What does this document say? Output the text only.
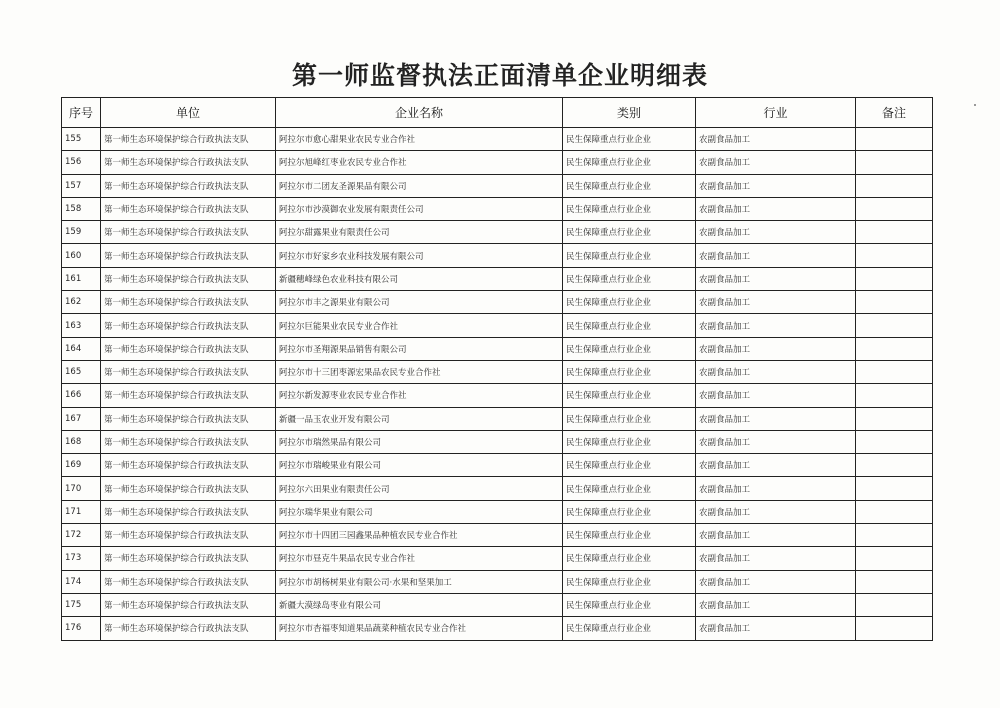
第一师监督执法正面清单企业明细表
序号	单位	企业名称	类别	行业	备注
155	第一师生态环境保护综合行政执法支队	阿拉尔市愈心甜果业农民专业合作社	民生保障重点行业企业	农副食品加工	
156	第一师生态环境保护综合行政执法支队	阿拉尔旭峰红枣业农民专业合作社	民生保障重点行业企业	农副食品加工	
157	第一师生态环境保护综合行政执法支队	阿拉尔市二团友圣源果品有限公司	民生保障重点行业企业	农副食品加工	
158	第一师生态环境保护综合行政执法支队	阿拉尔市沙漠御农业发展有限责任公司	民生保障重点行业企业	农副食品加工	
159	第一师生态环境保护综合行政执法支队	阿拉尔甜露果业有限责任公司	民生保障重点行业企业	农副食品加工	
160	第一师生态环境保护综合行政执法支队	阿拉尔市好家乡农业科技发展有限公司	民生保障重点行业企业	农副食品加工	
161	第一师生态环境保护综合行政执法支队	新疆穗峰绿色农业科技有限公司	民生保障重点行业企业	农副食品加工	
162	第一师生态环境保护综合行政执法支队	阿拉尔市丰之源果业有限公司	民生保障重点行业企业	农副食品加工	
163	第一师生态环境保护综合行政执法支队	阿拉尔巨能果业农民专业合作社	民生保障重点行业企业	农副食品加工	
164	第一师生态环境保护综合行政执法支队	阿拉尔市圣翔源果品销售有限公司	民生保障重点行业企业	农副食品加工	
165	第一师生态环境保护综合行政执法支队	阿拉尔市十三团枣源宏果品农民专业合作社	民生保障重点行业企业	农副食品加工	
166	第一师生态环境保护综合行政执法支队	阿拉尔新发源枣业农民专业合作社	民生保障重点行业企业	农副食品加工	
167	第一师生态环境保护综合行政执法支队	新疆一品玉农业开发有限公司	民生保障重点行业企业	农副食品加工	
168	第一师生态环境保护综合行政执法支队	阿拉尔市瑞然果品有限公司	民生保障重点行业企业	农副食品加工	
169	第一师生态环境保护综合行政执法支队	阿拉尔市瑞峻果业有限公司	民生保障重点行业企业	农副食品加工	
170	第一师生态环境保护综合行政执法支队	阿拉尔六田果业有限责任公司	民生保障重点行业企业	农副食品加工	
171	第一师生态环境保护综合行政执法支队	阿拉尔瑞华果业有限公司	民生保障重点行业企业	农副食品加工	
172	第一师生态环境保护综合行政执法支队	阿拉尔市十四团三园鑫果品种植农民专业合作社	民生保障重点行业企业	农副食品加工	
173	第一师生态环境保护综合行政执法支队	阿拉尔市昼克牛果品农民专业合作社	民生保障重点行业企业	农副食品加工	
174	第一师生态环境保护综合行政执法支队	阿拉尔市胡杨树果业有限公司·水果和坚果加工	民生保障重点行业企业	农副食品加工	
175	第一师生态环境保护综合行政执法支队	新疆大漠绿岛枣业有限公司	民生保障重点行业企业	农副食品加工	
176	第一师生态环境保护综合行政执法支队	阿拉尔市杏福枣知道果品蔬菜种植农民专业合作社	民生保障重点行业企业	农副食品加工	
